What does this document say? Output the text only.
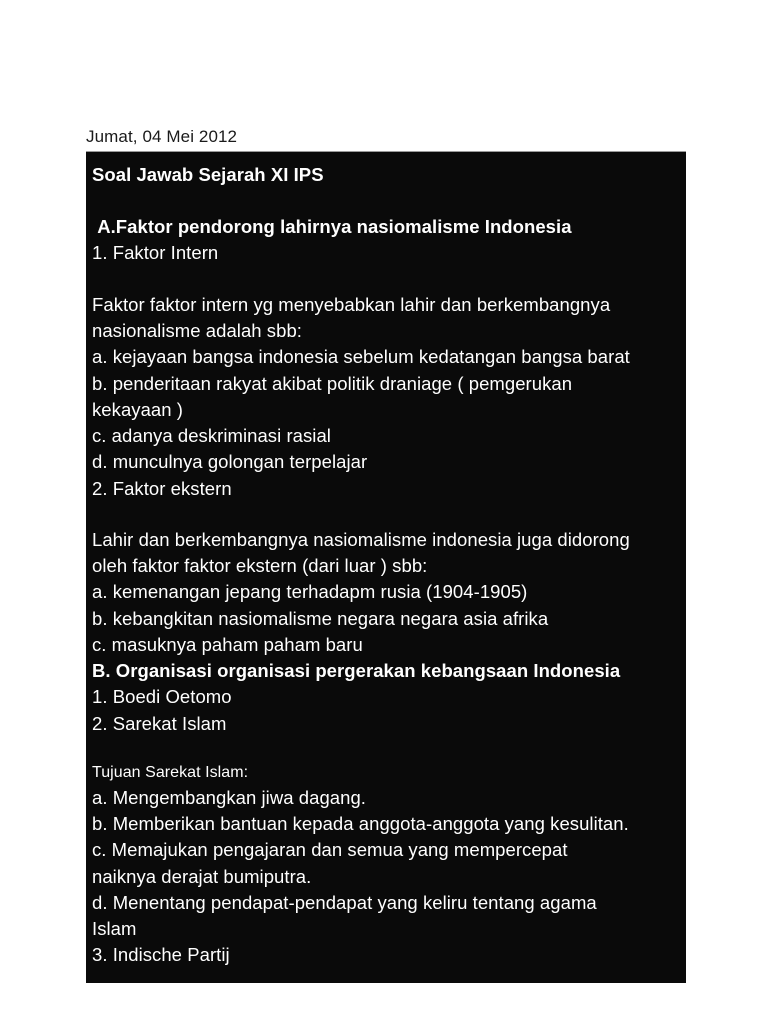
Jumat, 04 Mei 2012

Soal Jawab Sejarah XI IPS

A.Faktor pendorong lahirnya nasiomalisme Indonesia

1. Faktor Intern

Faktor faktor intern yg menyebabkan lahir dan berkembangnya

nasionalisme adalah sbb:

a. kejayaan bangsa indonesia sebelum kedatangan bangsa barat

b. penderitaan rakyat akibat politik draniage ( pemgerukan

kekayaan )

c. adanya deskriminasi rasial

d. munculnya golongan terpelajar

2. Faktor ekstern

Lahir dan berkembangnya nasiomalisme indonesia juga didorong

oleh faktor faktor ekstern (dari luar ) sbb:

a. kemenangan jepang terhadapm rusia (1904-1905)

b. kebangkitan nasiomalisme negara negara asia afrika

c. masuknya paham paham baru

B. Organisasi organisasi pergerakan kebangsaan Indonesia

1. Boedi Oetomo

2. Sarekat Islam

Tujuan Sarekat Islam:

a. Mengembangkan jiwa dagang.

b. Memberikan bantuan kepada anggota-anggota yang kesulitan.

c. Memajukan pengajaran dan semua yang mempercepat

naiknya derajat bumiputra.

d. Menentang pendapat-pendapat yang keliru tentang agama

Islam

3. Indische Partij
